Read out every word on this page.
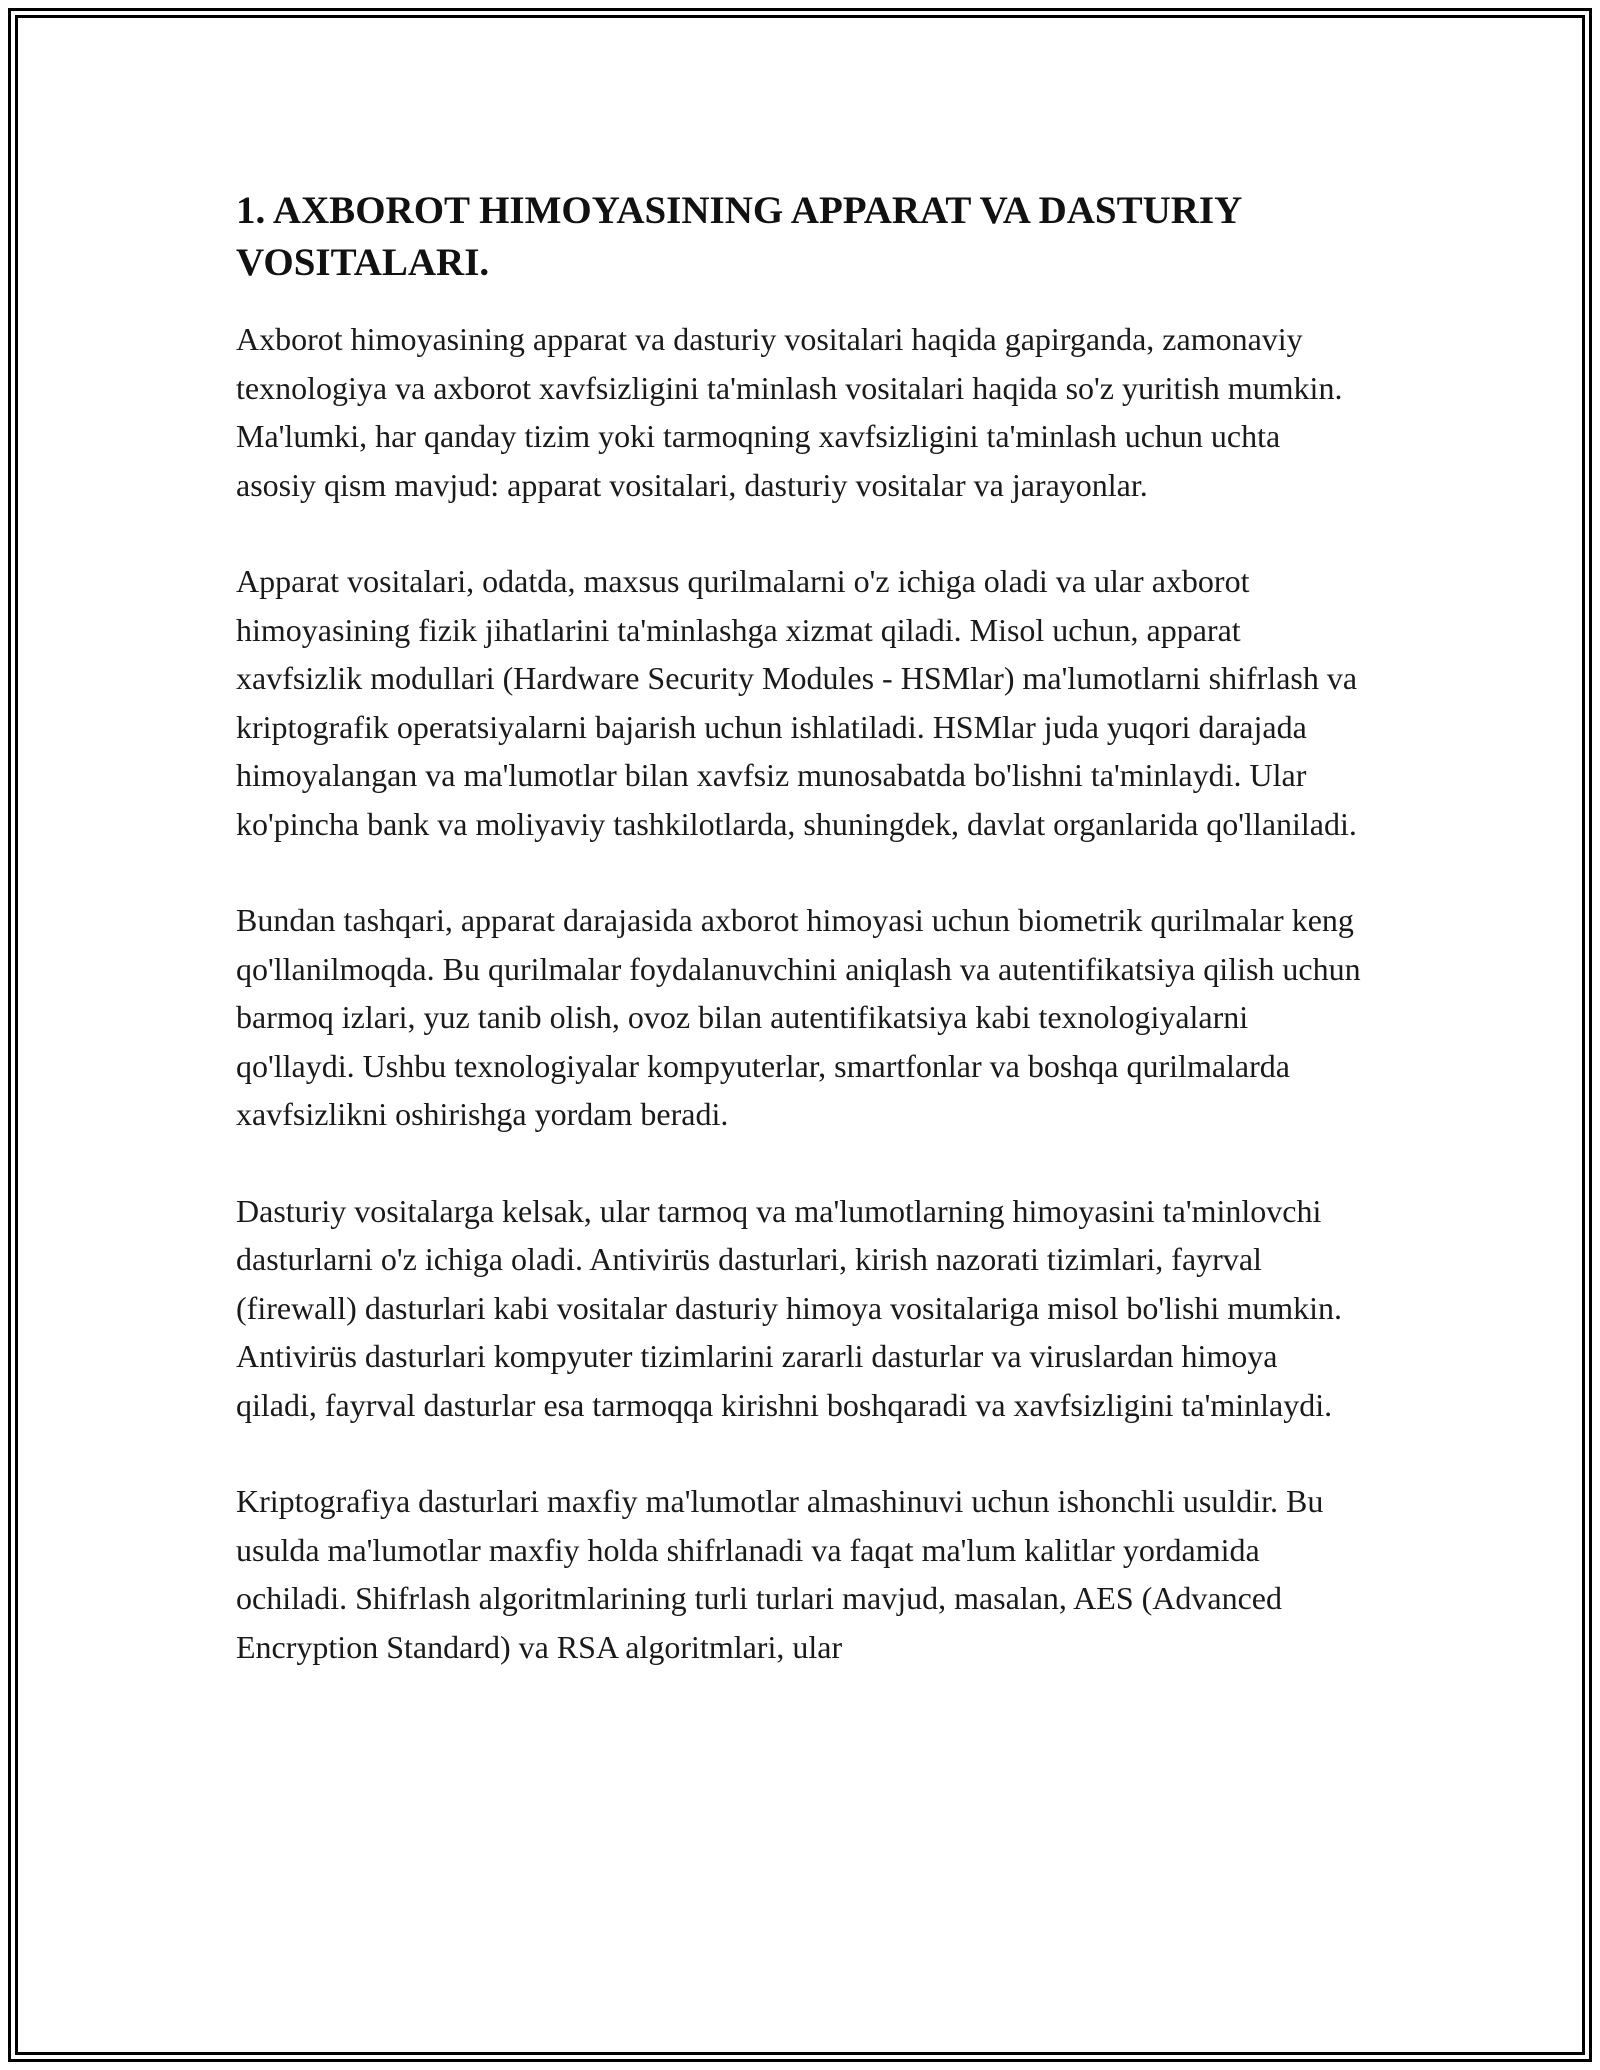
1. AXBOROT HIMOYASINING APPARAT VA DASTURIY VOSITALARI.

Axborot himoyasining apparat va dasturiy vositalari haqida gapirganda, zamonaviy texnologiya va axborot xavfsizligini ta'minlash vositalari haqida so'z yuritish mumkin. Ma'lumki, har qanday tizim yoki tarmoqning xavfsizligini ta'minlash uchun uchta asosiy qism mavjud: apparat vositalari, dasturiy vositalar va jarayonlar.

Apparat vositalari, odatda, maxsus qurilmalarni o'z ichiga oladi va ular axborot himoyasining fizik jihatlarini ta'minlashga xizmat qiladi. Misol uchun, apparat xavfsizlik modullari (Hardware Security Modules - HSMlar) ma'lumotlarni shifrlash va kriptografik operatsiyalarni bajarish uchun ishlatiladi. HSMlar juda yuqori darajada himoyalangan va ma'lumotlar bilan xavfsiz munosabatda bo'lishni ta'minlaydi. Ular ko'pincha bank va moliyaviy tashkilotlarda, shuningdek, davlat organlarida qo'llaniladi.

Bundan tashqari, apparat darajasida axborot himoyasi uchun biometrik qurilmalar keng qo'llanilmoqda. Bu qurilmalar foydalanuvchini aniqlash va autentifikatsiya qilish uchun barmoq izlari, yuz tanib olish, ovoz bilan autentifikatsiya kabi texnologiyalarni qo'llaydi. Ushbu texnologiyalar kompyuterlar, smartfonlar va boshqa qurilmalarda xavfsizlikni oshirishga yordam beradi.

Dasturiy vositalarga kelsak, ular tarmoq va ma'lumotlarning himoyasini ta'minlovchi dasturlarni o'z ichiga oladi. Antivirüs dasturlari, kirish nazorati tizimlari, fayrval (firewall) dasturlari kabi vositalar dasturiy himoya vositalariga misol bo'lishi mumkin. Antivirüs dasturlari kompyuter tizimlarini zararli dasturlar va viruslardan himoya qiladi, fayrval dasturlar esa tarmoqqa kirishni boshqaradi va xavfsizligini ta'minlaydi.

Kriptografiya dasturlari maxfiy ma'lumotlar almashinuvi uchun ishonchli usuldir. Bu usulda ma'lumotlar maxfiy holda shifrlanadi va faqat ma'lum kalitlar yordamida ochiladi. Shifrlash algoritmlarining turli turlari mavjud, masalan, AES (Advanced Encryption Standard) va RSA algoritmlari, ular
